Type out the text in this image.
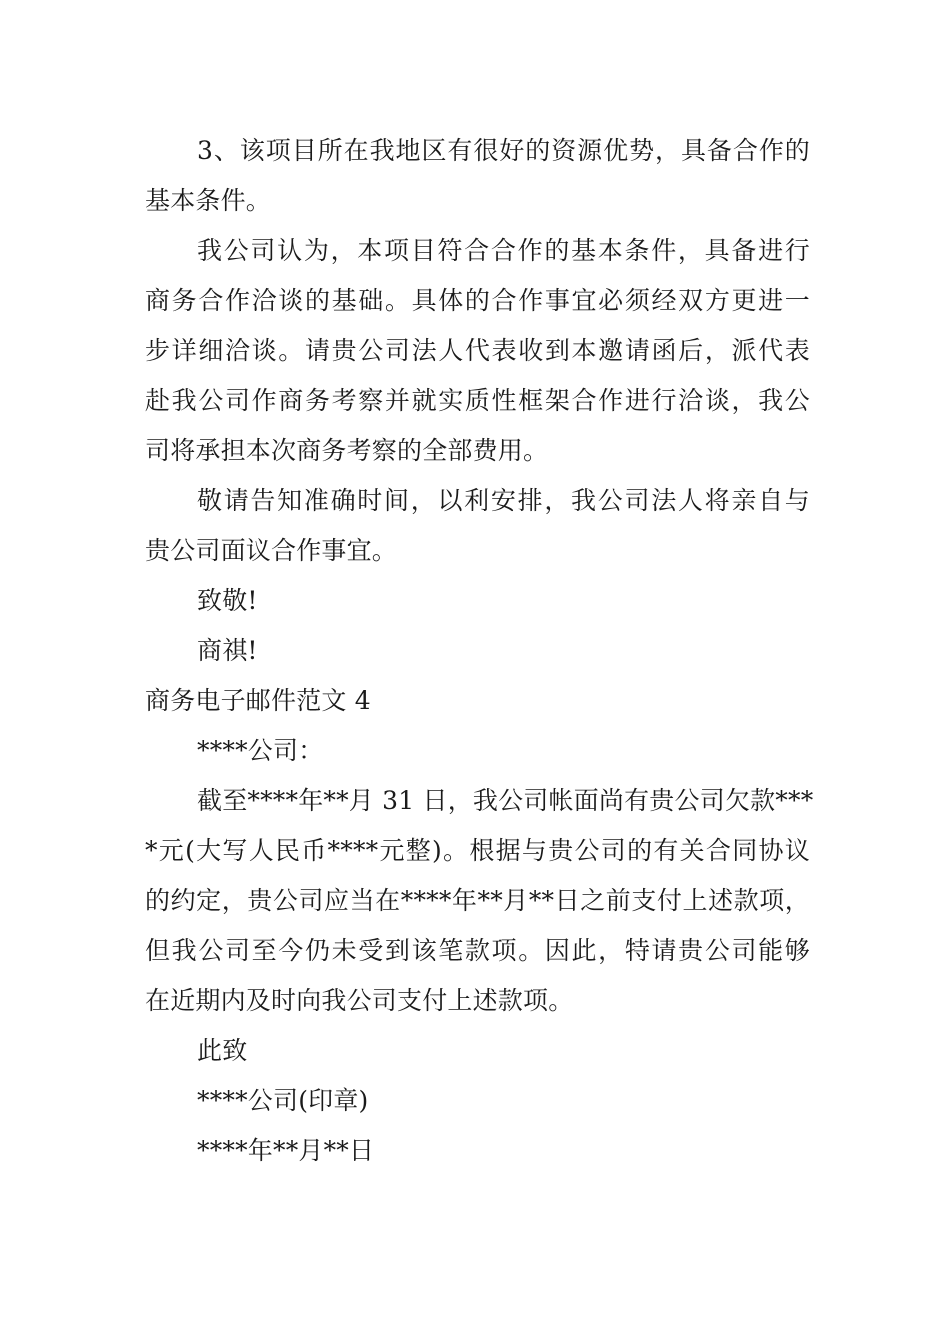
3、该项目所在我地区有很好的资源优势，具备合作的
基本条件。
我公司认为，本项目符合合作的基本条件，具备进行
商务合作洽谈的基础。具体的合作事宜必须经双方更进一
步详细洽谈。请贵公司法人代表收到本邀请函后，派代表
赴我公司作商务考察并就实质性框架合作进行洽谈，我公
司将承担本次商务考察的全部费用。
敬请告知准确时间，以利安排，我公司法人将亲自与
贵公司面议合作事宜。
致敬!
商祺!
商务电子邮件范文 4
****公司：
截至****年**月 31 日，我公司帐面尚有贵公司欠款***
*元(大写人民币****元整)。根据与贵公司的有关合同协议
的约定，贵公司应当在****年**月**日之前支付上述款项，
但我公司至今仍未受到该笔款项。因此，特请贵公司能够
在近期内及时向我公司支付上述款项。
此致
****公司(印章)
****年**月**日
